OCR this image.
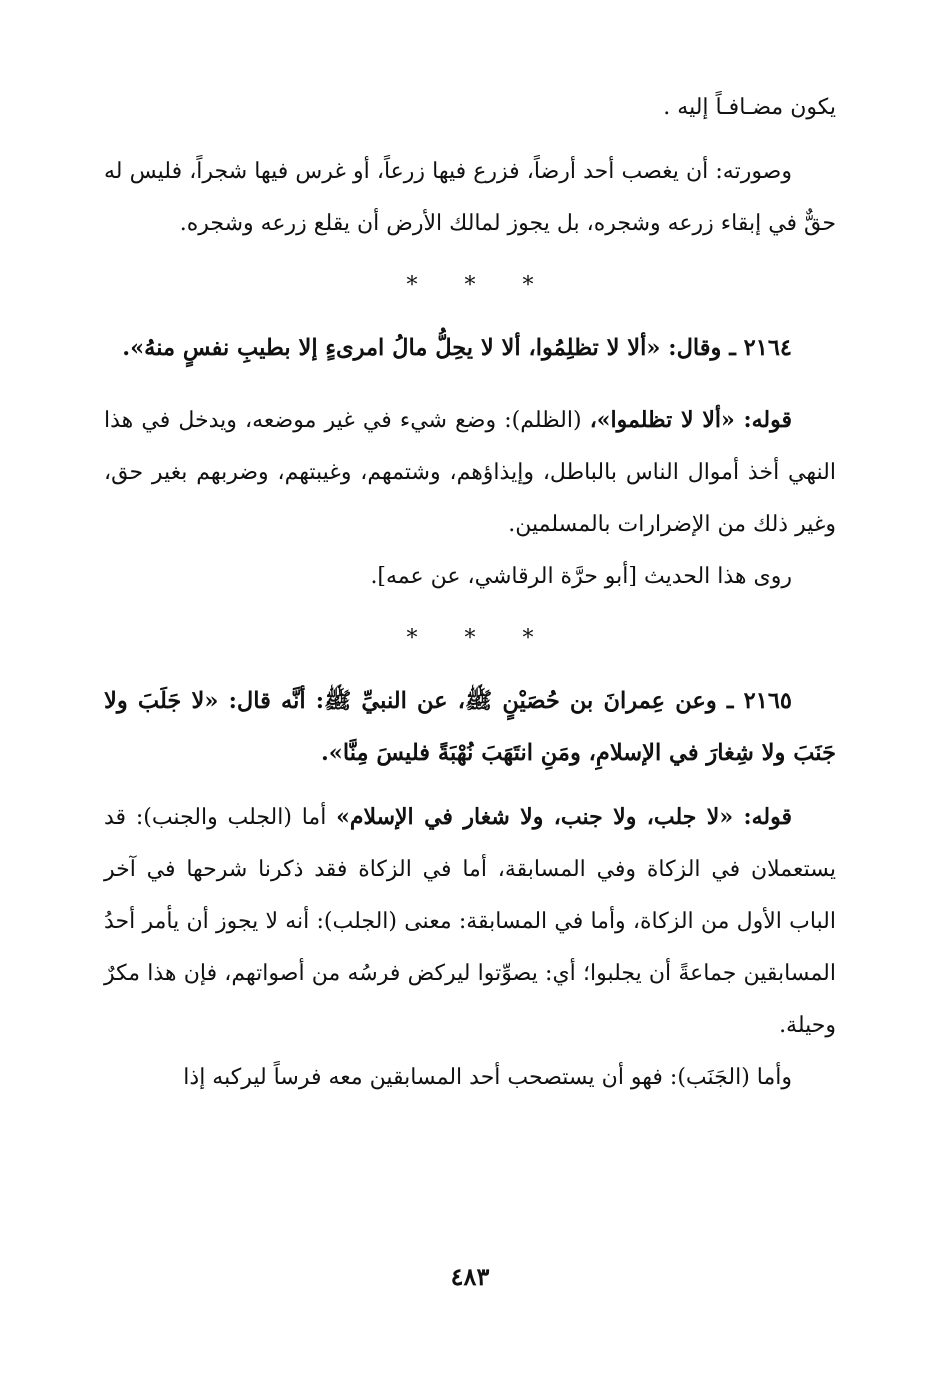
يكون مضـافـاً إليه .

وصورته: أن يغصب أحد أرضاً، فزرع فيها زرعاً، أو غرس فيها شجراً، فليس له حقٌّ في إبقاء زرعه وشجره، بل يجوز لمالك الأرض أن يقلع زرعه وشجره.

* * *

٢١٦٤ ـ وقال: «ألا لا تظلِمُوا، ألا لا يحِلُّ مالُ امرىءٍ إلا بطيبِ نفسٍ منهُ».

قوله: «ألا لا تظلموا»، (الظلم): وضع شيء في غير موضعه، ويدخل في هذا النهي أخذ أموال الناس بالباطل، وإيذاؤهم، وشتمهم، وغيبتهم، وضربهم بغير حق، وغير ذلك من الإضرارات بالمسلمين.

روى هذا الحديث [أبو حرَّة الرقاشي، عن عمه].

* * *

٢١٦٥ ـ وعن عِمرانَ بن حُصَيْنٍ ﷺ، عن النبيِّ ﷺ: أنَّه قال: «لا جَلَبَ ولا جَنَبَ ولا شِغارَ في الإسلامِ، ومَنِ انتَهَبَ نُهْبَةً فليسَ مِنَّا».

قوله: «لا جلب، ولا جنب، ولا شغار في الإسلام» أما (الجلب والجنب): قد يستعملان في الزكاة وفي المسابقة، أما في الزكاة فقد ذكرنا شرحها في آخر الباب الأول من الزكاة، وأما في المسابقة: معنى (الجلب): أنه لا يجوز أن يأمر أحدُ المسابقين جماعةً أن يجلبوا؛ أي: يصوِّتوا ليركض فرسُه من أصواتهم، فإن هذا مكرٌ وحيلة.

وأما (الجَنَب): فهو أن يستصحب أحد المسابقين معه فرساً ليركبه إذا

٤٨٣
